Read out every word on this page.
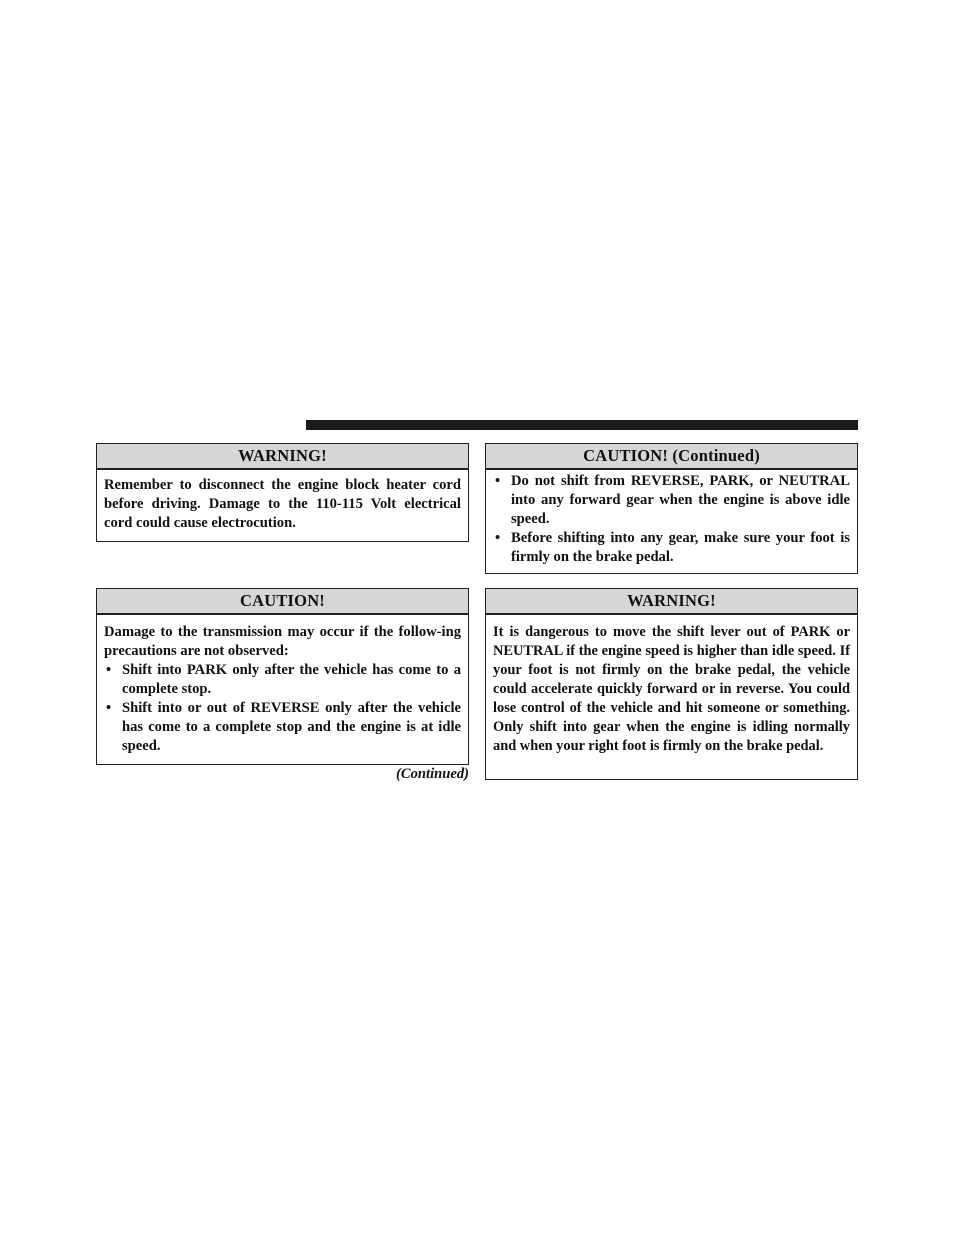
WARNING!

Remember to disconnect the engine block heater cord before driving. Damage to the 110-115 Volt electrical cord could cause electrocution.

CAUTION!

Damage to the transmission may occur if the follow-ing precautions are not observed:

• Shift into PARK only after the vehicle has come to a complete stop.
• Shift into or out of REVERSE only after the vehicle has come to a complete stop and the engine is at idle speed.
(Continued)
CAUTION! (Continued)
• Do not shift from REVERSE, PARK, or NEUTRAL into any forward gear when the engine is above idle speed.
• Before shifting into any gear, make sure your foot is firmly on the brake pedal.
WARNING!

It is dangerous to move the shift lever out of PARK or NEUTRAL if the engine speed is higher than idle speed. If your foot is not firmly on the brake pedal, the vehicle could accelerate quickly forward or in reverse. You could lose control of the vehicle and hit someone or something. Only shift into gear when the engine is idling normally and when your right foot is firmly on the brake pedal.
